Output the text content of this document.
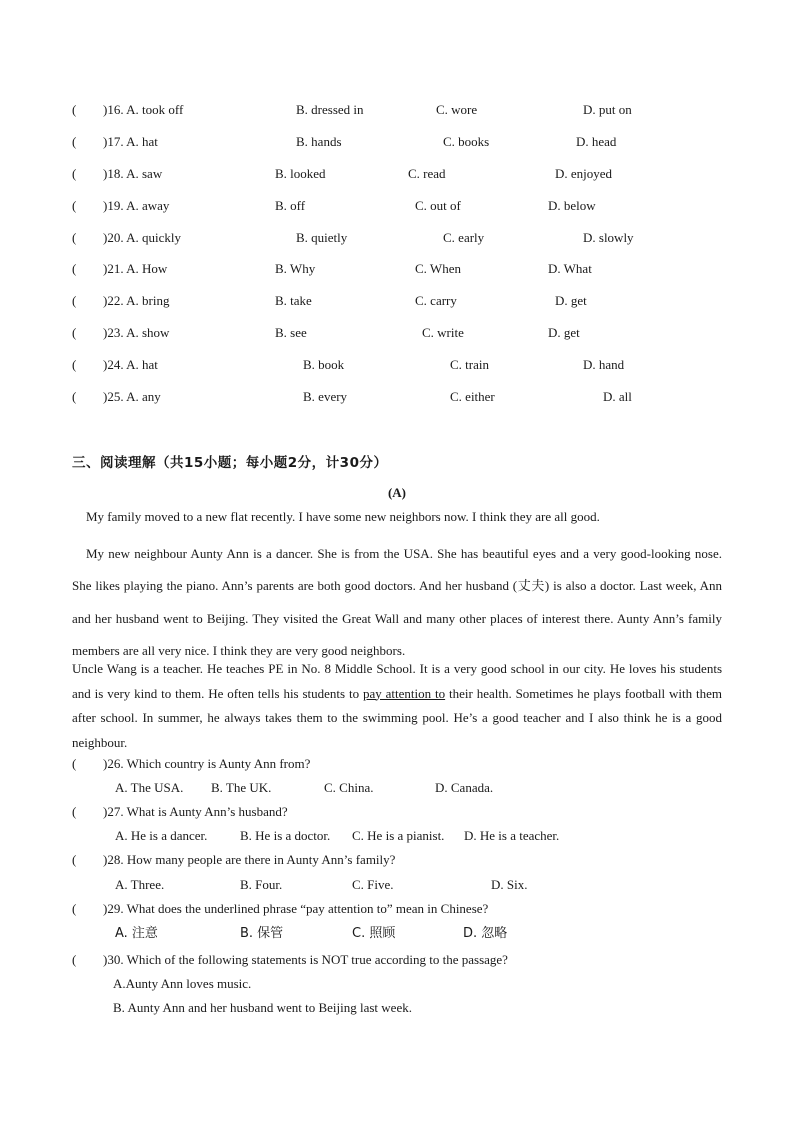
( )16. A. took off	B. dressed in	C. wore	D. put on
( )17. A. hat	B. hands	C. books	D. head
( )18. A. saw	B. looked	C. read	D. enjoyed
( )19. A. away	B. off	C. out of	D. below
( )20. A. quickly	B. quietly	C. early	D. slowly
( )21. A. How	B. Why	C. When	D. What
( )22. A. bring	B. take	C. carry	D. get
( )23. A. show	B. see	C. write	D. get
( )24. A. hat	B. book	C. train	D. hand
( )25. A. any	B. every	C. either	D. all
三、阅读理解（共15小题；每小题2分，计30分）
(A)
My family moved to a new flat recently. I have some new neighbors now. I think they are all good.
My new neighbour Aunty Ann is a dancer. She is from the USA. She has beautiful eyes and a very good-looking nose. She likes playing the piano. Ann’s parents are both good doctors. And her husband (丈夫) is also a doctor. Last week, Ann and her husband went to Beijing. They visited the Great Wall and many other places of interest there. Aunty Ann’s family members are all very nice. I think they are very good neighbors.
Uncle Wang is a teacher. He teaches PE in No. 8 Middle School. It is a very good school in our city. He loves his students and is very kind to them. He often tells his students to pay attention to their health. Sometimes he plays football with them after school. In summer, he always takes them to the swimming pool. He’s a good teacher and I also think he is a good neighbour.
( )26. Which country is Aunty Ann from?
A. The USA. B. The UK.	C. China.	D. Canada.
( )27. What is Aunty Ann’s husband?
A. He is a dancer.	B. He is a doctor. C. He is a pianist. D. He is a teacher.
( )28. How many people are there in Aunty Ann’s family?
A. Three.	B. Four.	C. Five.	D. Six.
( )29. What does the underlined phrase “pay attention to” mean in Chinese?
A. 注意	B. 保管	C. 照顾	D. 忽略
( )30. Which of the following statements is NOT true according to the passage?
A.Aunty Ann loves music.
B. Aunty Ann and her husband went to Beijing last week.
